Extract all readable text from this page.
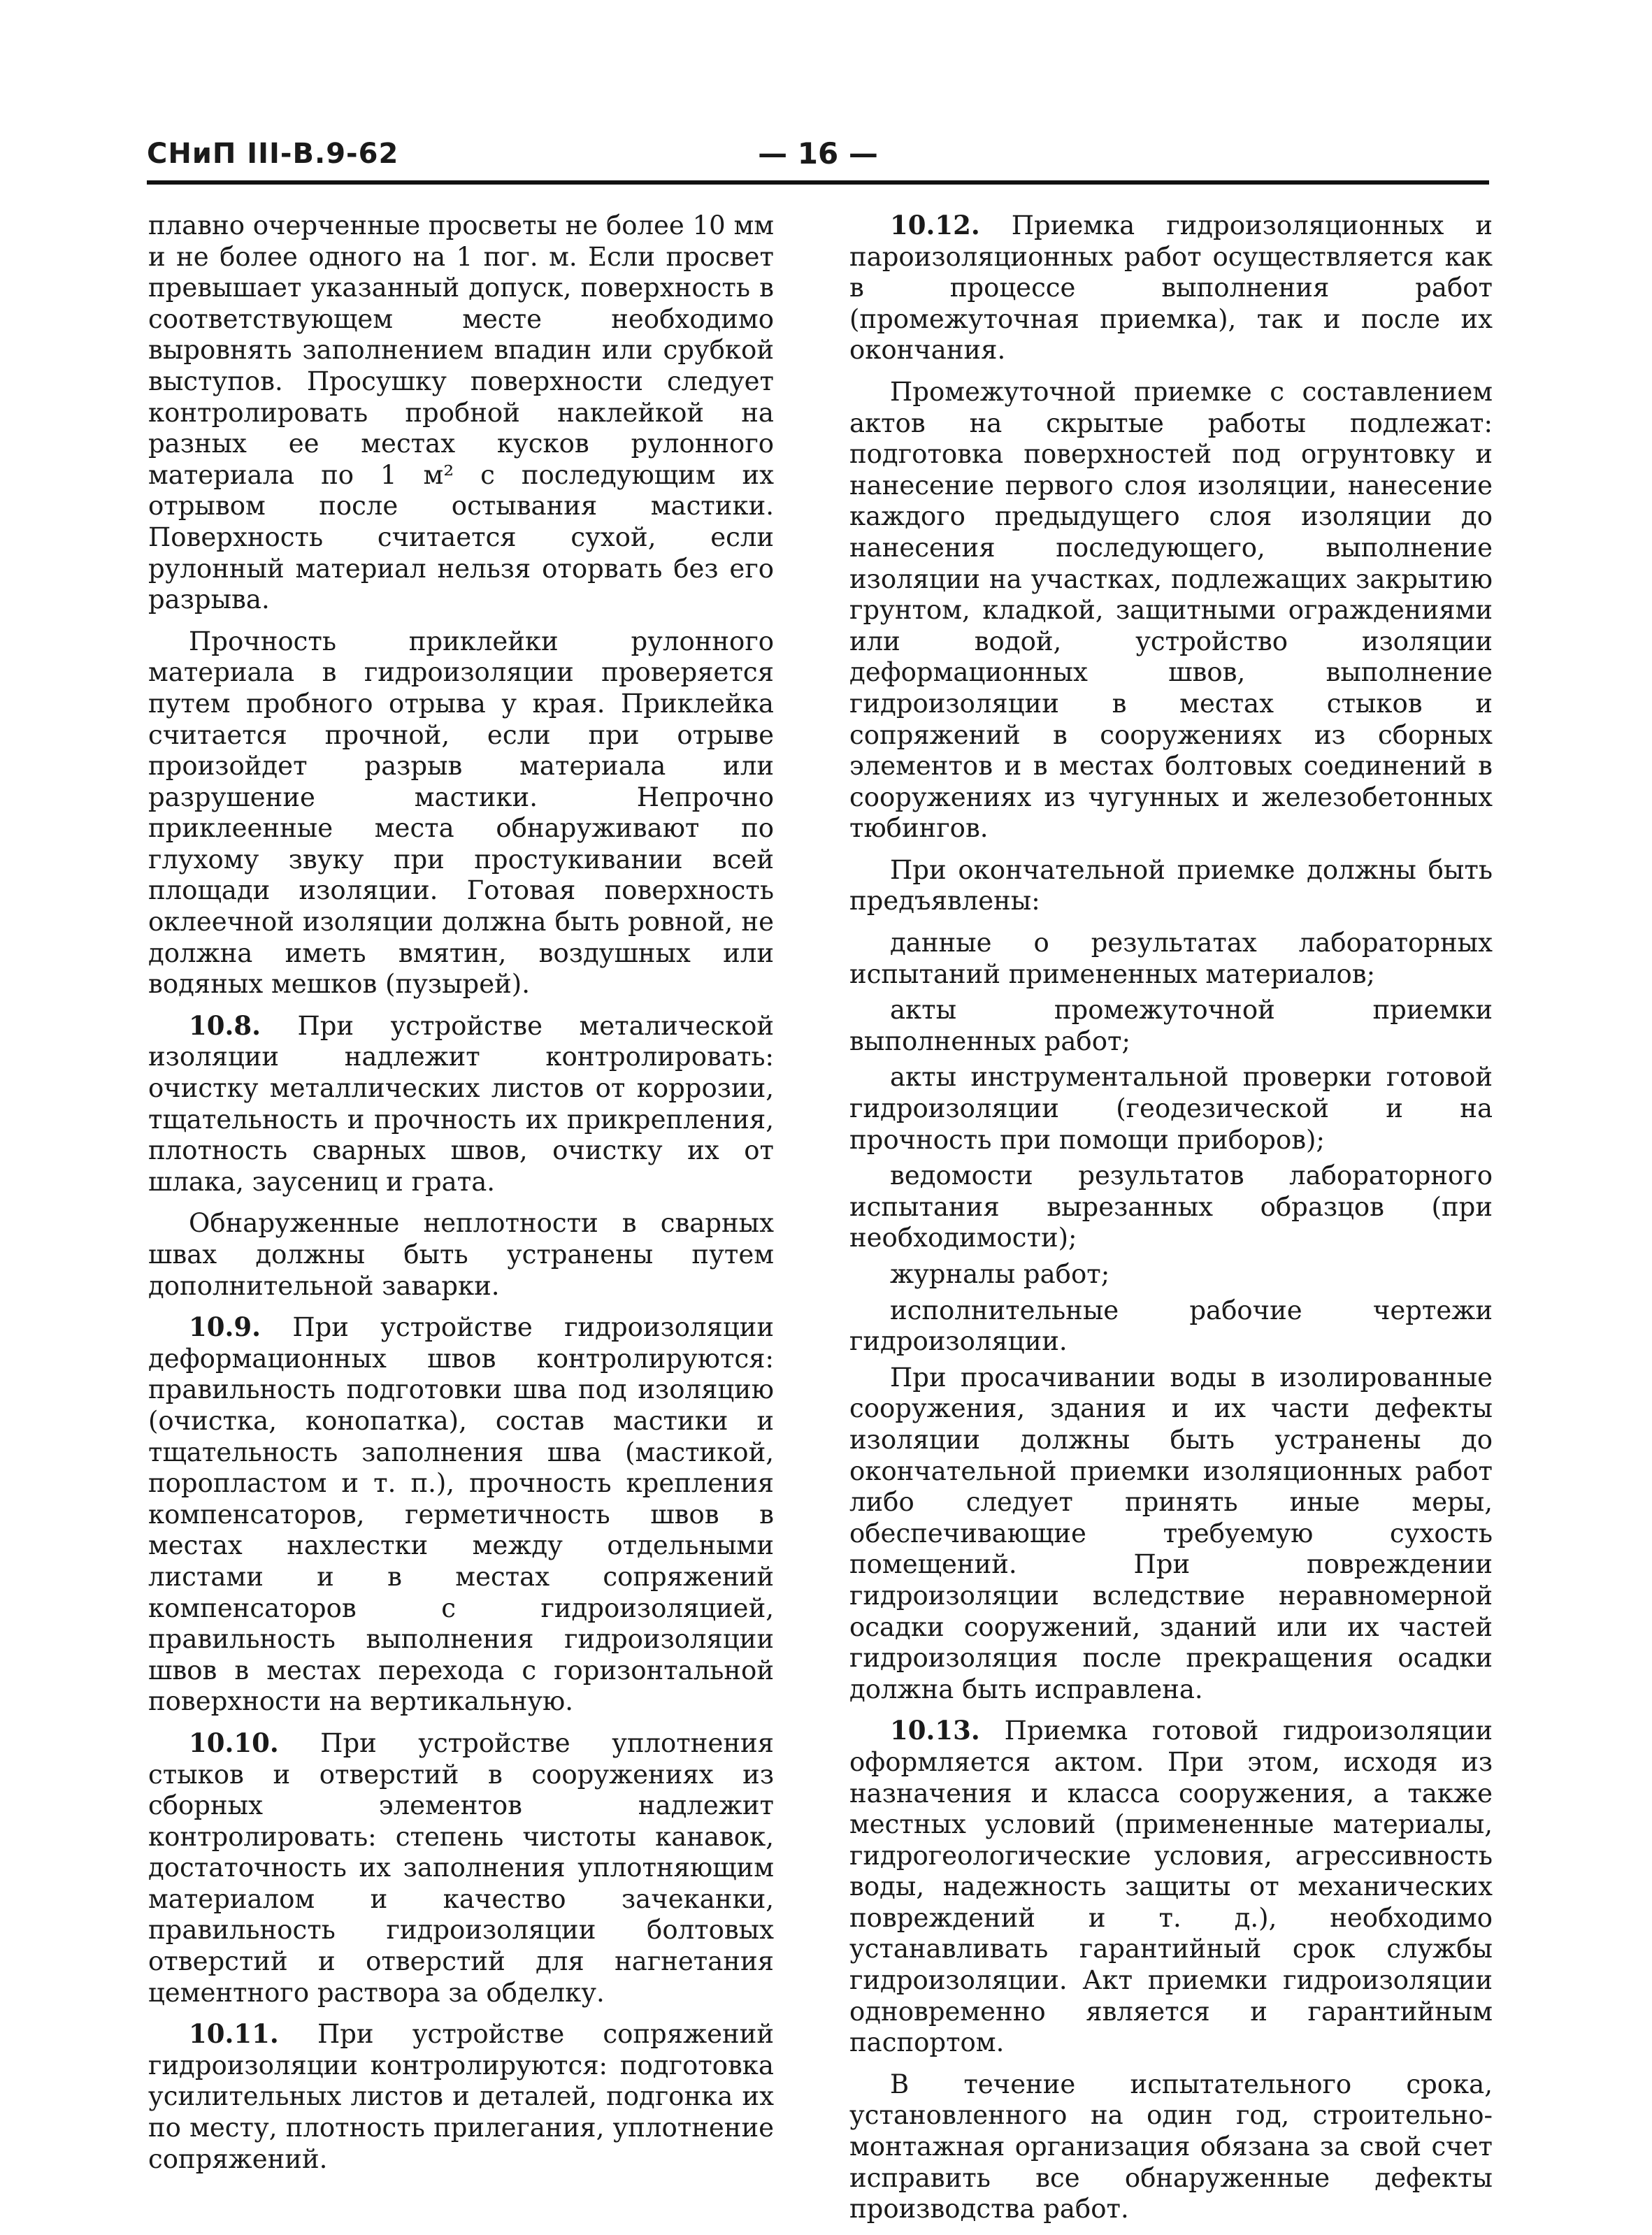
СНиП III-В.9-62	— 16 —

плавно очерченные просветы не более 10 мм и не более одного на 1 пог. м. Если просвет превышает указанный допуск, поверхность в соответствующем месте необходимо выровнять заполнением впадин или срубкой выступов. Просушку поверхности следует контролировать пробной наклейкой на разных ее местах кусков рулонного материала по 1 м² с последующим их отрывом после остывания мастики. Поверхность считается сухой, если рулонный материал нельзя оторвать без его разрыва.

Прочность приклейки рулонного материала в гидроизоляции проверяется путем пробного отрыва у края. Приклейка считается прочной, если при отрыве произойдет разрыв материала или разрушение мастики. Непрочно приклеенные места обнаруживают по глухому звуку при простукивании всей площади изоляции. Готовая поверхность оклеечной изоляции должна быть ровной, не должна иметь вмятин, воздушных или водяных мешков (пузырей).

10.8. При устройстве металической изоляции надлежит контролировать: очистку металлических листов от коррозии, тщательность и прочность их прикрепления, плотность сварных швов, очистку их от шлака, заусениц и грата.

Обнаруженные неплотности в сварных швах должны быть устранены путем дополнительной заварки.

10.9. При устройстве гидроизоляции деформационных швов контролируются: правильность подготовки шва под изоляцию (очистка, конопатка), состав мастики и тщательность заполнения шва (мастикой, поропластом и т. п.), прочность крепления компенсаторов, герметичность швов в местах нахлестки между отдельными листами и в местах сопряжений компенсаторов с гидроизоляцией, правильность выполнения гидроизоляции швов в местах перехода с горизонтальной поверхности на вертикальную.

10.10. При устройстве уплотнения стыков и отверстий в сооружениях из сборных элементов надлежит контролировать: степень чистоты канавок, достаточность их заполнения уплотняющим материалом и качество зачеканки, правильность гидроизоляции болтовых отверстий и отверстий для нагнетания цементного раствора за обделку.

10.11. При устройстве сопряжений гидроизоляции контролируются: подготовка усилительных листов и деталей, подгонка их по месту, плотность прилегания, уплотнение сопряжений.

10.12. Приемка гидроизоляционных и пароизоляционных работ осуществляется как в процессе выполнения работ (промежуточная приемка), так и после их окончания.

Промежуточной приемке с составлением актов на скрытые работы подлежат: подготовка поверхностей под огрунтовку и нанесение первого слоя изоляции, нанесение каждого предыдущего слоя изоляции до нанесения последующего, выполнение изоляции на участках, подлежащих закрытию грунтом, кладкой, защитными ограждениями или водой, устройство изоляции деформационных швов, выполнение гидроизоляции в местах стыков и сопряжений в сооружениях из сборных элементов и в местах болтовых соединений в сооружениях из чугунных и железобетонных тюбингов.

При окончательной приемке должны быть предъявлены:

данные о результатах лабораторных испытаний примененных материалов;

акты промежуточной приемки выполненных работ;

акты инструментальной проверки готовой гидроизоляции (геодезической и на прочность при помощи приборов);

ведомости результатов лабораторного испытания вырезанных образцов (при необходимости);

журналы работ;

исполнительные рабочие чертежи гидроизоляции.

При просачивании воды в изолированные сооружения, здания и их части дефекты изоляции должны быть устранены до окончательной приемки изоляционных работ либо следует принять иные меры, обеспечивающие требуемую сухость помещений. При повреждении гидроизоляции вследствие неравномерной осадки сооружений, зданий или их частей гидроизоляция после прекращения осадки должна быть исправлена.

10.13. Приемка готовой гидроизоляции оформляется актом. При этом, исходя из назначения и класса сооружения, а также местных условий (примененные материалы, гидрогеологические условия, агрессивность воды, надежность защиты от механических повреждений и т. д.), необходимо устанавливать гарантийный срок службы гидроизоляции. Акт приемки гидроизоляции одновременно является и гарантийным паспортом.

В течение испытательного срока, установленного на один год, строительно-монтажная организация обязана за свой счет исправить все обнаруженные дефекты производства работ.
